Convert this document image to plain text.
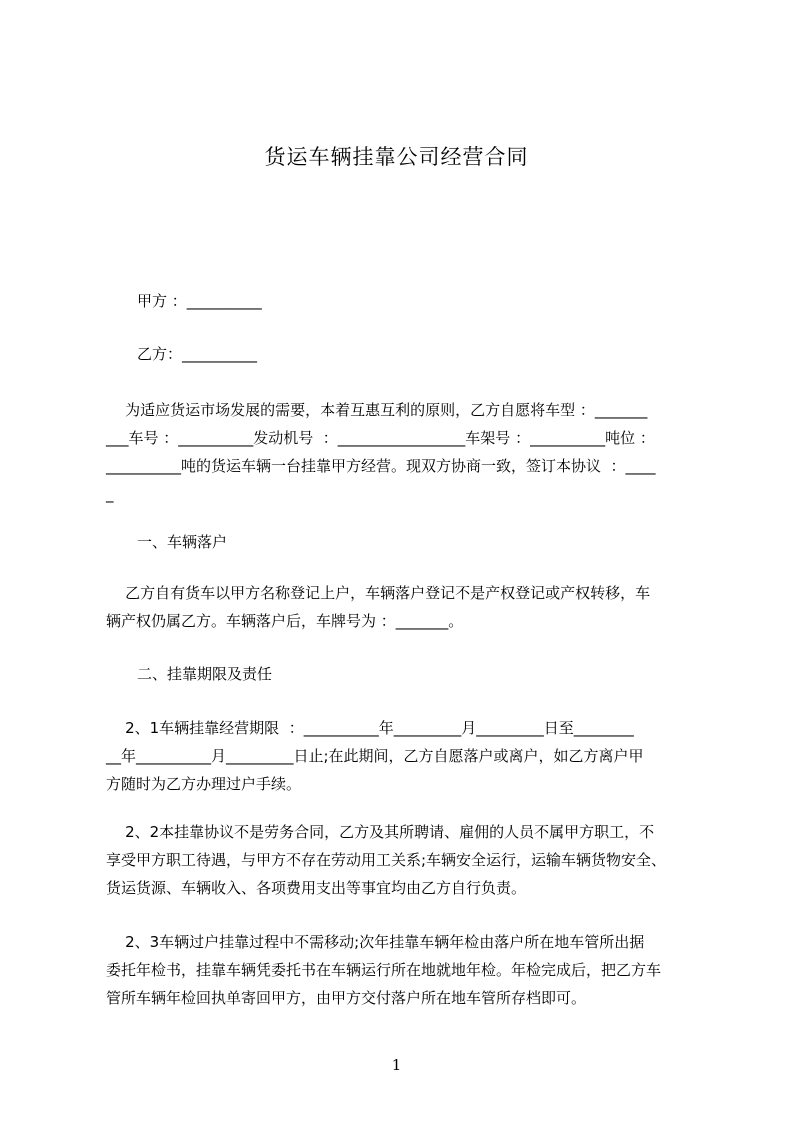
货运车辆挂靠公司经营合同
甲方 ：__________
乙方：__________
为适应货运市场发展的需要，本着互惠互利的原则，乙方自愿将车型 ：_______
___车号 ：__________发动机号  ：_________________车架号 ：__________吨位 ：
__________吨的货运车辆一台挂靠甲方经营。现双方协商一致，签订本协议  ：____
_
一、车辆落户
乙方自有货车以甲方名称登记上户，车辆落户登记不是产权登记或产权转移，车
辆产权仍属乙方。车辆落户后，车牌号为 ：_______。
二、挂靠期限及责任
2、1车辆挂靠经营期限  ：__________年_________月_________日至________
__年__________月_________日止;在此期间，乙方自愿落户或离户，如乙方离户甲
方随时为乙方办理过户手续。
2、2本挂靠协议不是劳务合同，乙方及其所聘请、雇佣的人员不属甲方职工，不
享受甲方职工待遇，与甲方不存在劳动用工关系;车辆安全运行，运输车辆货物安全、
货运货源、车辆收入、各项费用支出等事宜均由乙方自行负责。
2、3车辆过户挂靠过程中不需移动;次年挂靠车辆年检由落户所在地车管所出据
委托年检书，挂靠车辆凭委托书在车辆运行所在地就地年检。年检完成后，把乙方车
管所车辆年检回执单寄回甲方，由甲方交付落户所在地车管所存档即可。
1
